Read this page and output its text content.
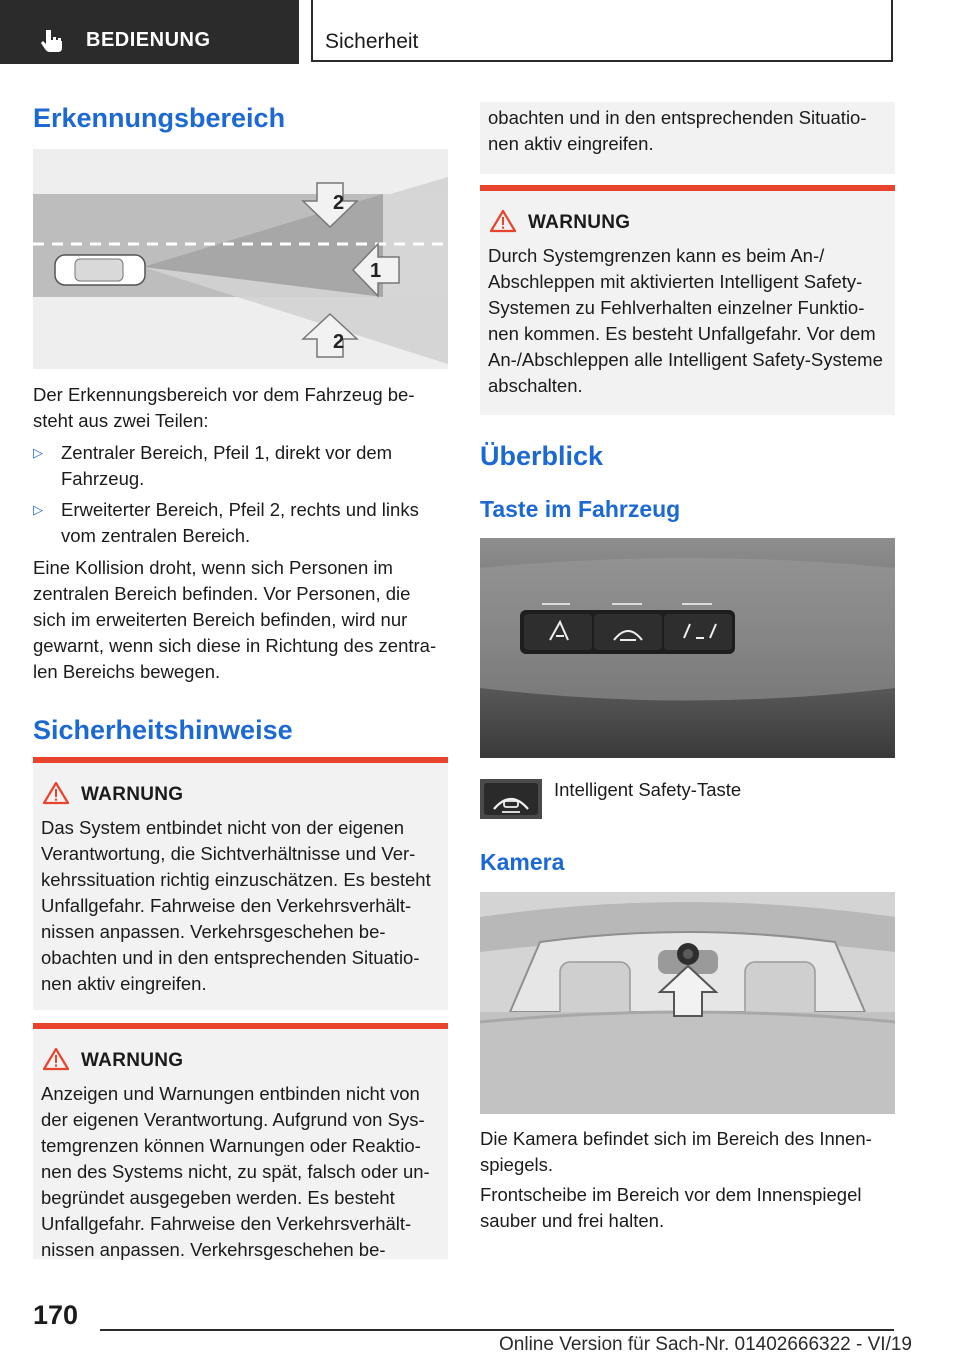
BEDIENUNG	Sicherheit
Erkennungsbereich
2
1
2
Der Erkennungsbereich vor dem Fahrzeug besteht aus zwei Teilen:
▷ Zentraler Bereich, Pfeil 1, direkt vor dem Fahrzeug.
▷ Erweiterter Bereich, Pfeil 2, rechts und links vom zentralen Bereich.
Eine Kollision droht, wenn sich Personen im zentralen Bereich befinden. Vor Personen, die sich im erweiterten Bereich befinden, wird nur gewarnt, wenn sich diese in Richtung des zentralen Bereichs bewegen.
Sicherheitshinweise
WARNUNG
Das System entbindet nicht von der eigenen Verantwortung, die Sichtverhältnisse und Verkehrssituation richtig einzuschätzen. Es besteht Unfallgefahr. Fahrweise den Verkehrsverhältnissen anpassen. Verkehrsgeschehen beobachten und in den entsprechenden Situationen aktiv eingreifen.
WARNUNG
Anzeigen und Warnungen entbinden nicht von der eigenen Verantwortung. Aufgrund von Systemgrenzen können Warnungen oder Reaktionen des Systems nicht, zu spät, falsch oder unbegründet ausgegeben werden. Es besteht Unfallgefahr. Fahrweise den Verkehrsverhältnissen anpassen. Verkehrsgeschehen be-
obachten und in den entsprechenden Situationen aktiv eingreifen.
WARNUNG
Durch Systemgrenzen kann es beim An-/ Abschleppen mit aktivierten Intelligent Safety-Systemen zu Fehlverhalten einzelner Funktionen kommen. Es besteht Unfallgefahr. Vor dem An-/Abschleppen alle Intelligent Safety-Systeme abschalten.
Überblick
Taste im Fahrzeug
Intelligent Safety-Taste
Kamera
Die Kamera befindet sich im Bereich des Innenspiegels.
Frontscheibe im Bereich vor dem Innenspiegel sauber und frei halten.
170
Online Version für Sach-Nr. 01402666322 - VI/19
